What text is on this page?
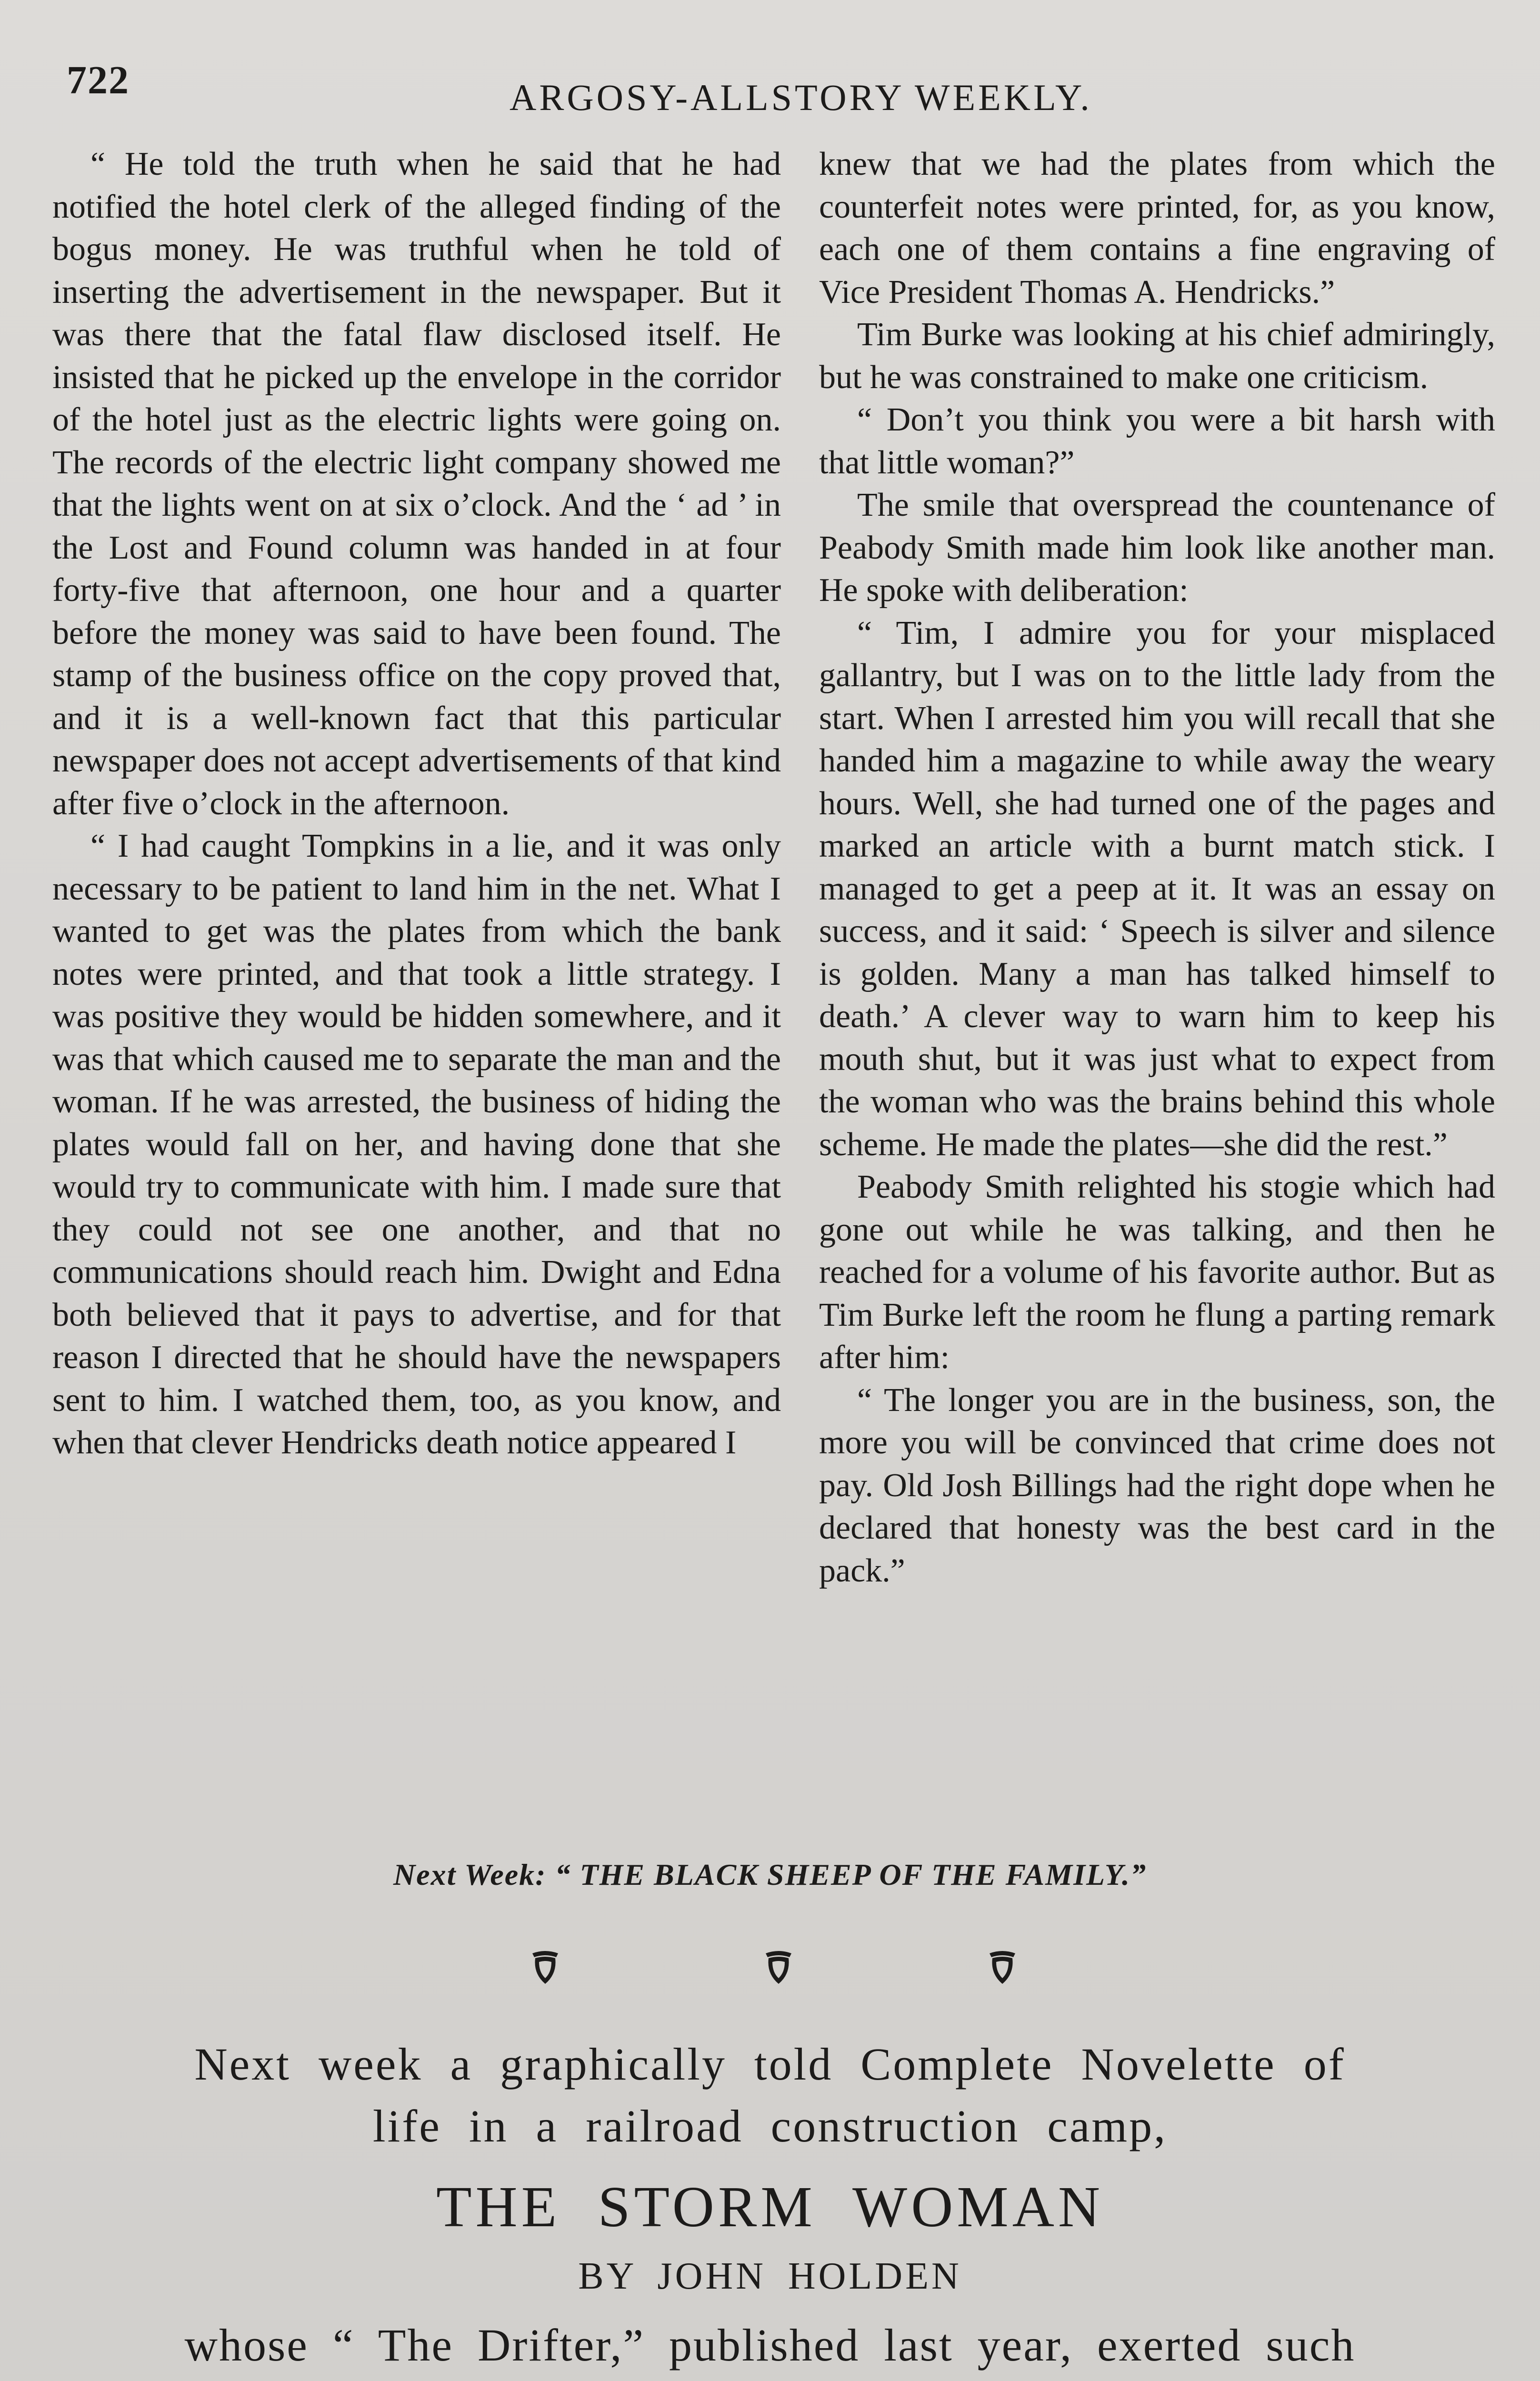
722	ARGOSY-ALLSTORY WEEKLY.

“ He told the truth when he said that he had notified the hotel clerk of the alleged finding of the bogus money. He was truthful when he told of inserting the advertisement in the newspaper. But it was there that the fatal flaw disclosed itself. He insisted that he picked up the envelope in the corridor of the hotel just as the electric lights were going on. The records of the electric light company showed me that the lights went on at six o’clock. And the ‘ ad ’ in the Lost and Found column was handed in at four forty-five that afternoon, one hour and a quarter before the money was said to have been found. The stamp of the business office on the copy proved that, and it is a well-known fact that this particular newspaper does not accept advertisements of that kind after five o’clock in the afternoon.

“ I had caught Tompkins in a lie, and it was only necessary to be patient to land him in the net. What I wanted to get was the plates from which the bank notes were printed, and that took a little strategy. I was positive they would be hidden somewhere, and it was that which caused me to separate the man and the woman. If he was arrested, the business of hiding the plates would fall on her, and having done that she would try to communicate with him. I made sure that they could not see one another, and that no communications should reach him. Dwight and Edna both believed that it pays to advertise, and for that reason I directed that he should have the newspapers sent to him. I watched them, too, as you know, and when that clever Hendricks death notice appeared I

knew that we had the plates from which the counterfeit notes were printed, for, as you know, each one of them contains a fine engraving of Vice President Thomas A. Hendricks.”

Tim Burke was looking at his chief admiringly, but he was constrained to make one criticism.

“ Don’t you think you were a bit harsh with that little woman?”

The smile that overspread the countenance of Peabody Smith made him look like another man. He spoke with deliberation:

“ Tim, I admire you for your misplaced gallantry, but I was on to the little lady from the start. When I arrested him you will recall that she handed him a magazine to while away the weary hours. Well, she had turned one of the pages and marked an article with a burnt match stick. I managed to get a peep at it. It was an essay on success, and it said: ‘ Speech is silver and silence is golden. Many a man has talked himself to death.’ A clever way to warn him to keep his mouth shut, but it was just what to expect from the woman who was the brains behind this whole scheme. He made the plates—she did the rest.”

Peabody Smith relighted his stogie which had gone out while he was talking, and then he reached for a volume of his favorite author. But as Tim Burke left the room he flung a parting remark after him:

“ The longer you are in the business, son, the more you will be convinced that crime does not pay. Old Josh Billings had the right dope when he declared that honesty was the best card in the pack.”

Next Week: “ THE BLACK SHEEP OF THE FAMILY.”
Next week a graphically told Complete Novelette of
life in a railroad construction camp,
THE STORM WOMAN
BY JOHN HOLDEN
whose “ The Drifter,” published last year, exerted such
